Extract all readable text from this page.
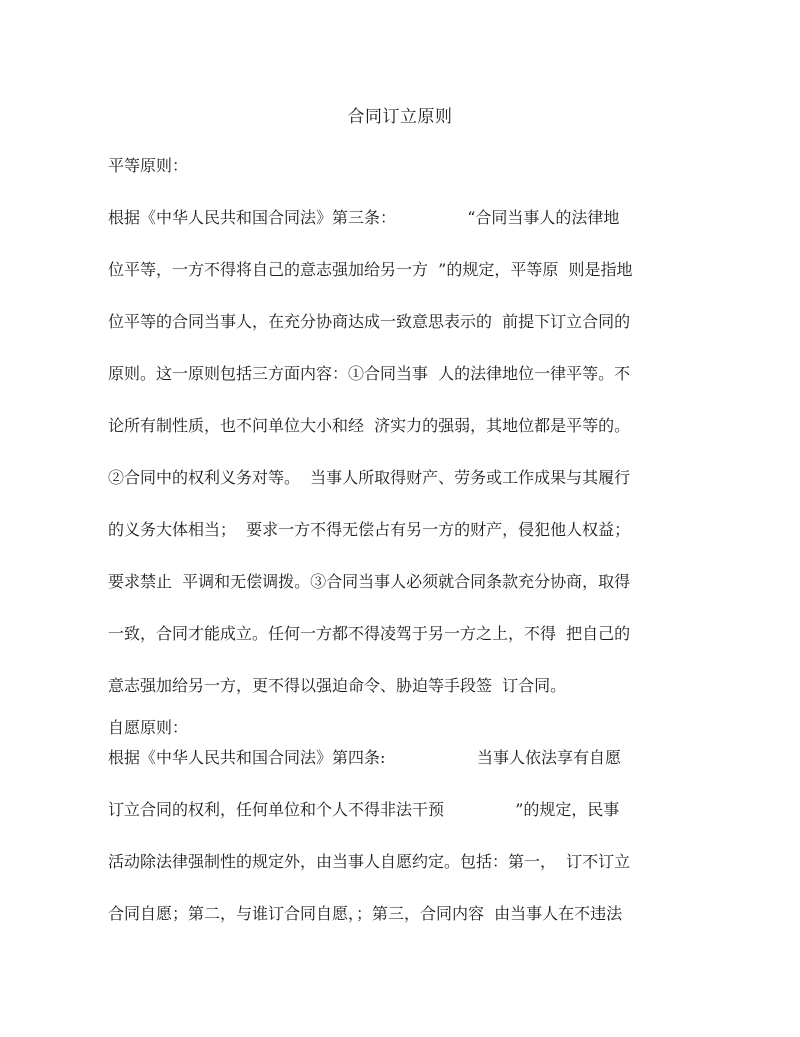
合同订立原则
平等原则：
根据《中华人民共和国合同法》第三条：              “合同当事人的法律地
位平等，一方不得将自己的意志强加给另一方  ”的规定，平等原  则是指地
位平等的合同当事人，在充分协商达成一致意思表示的  前提下订立合同的
原则。这一原则包括三方面内容：①合同当事  人的法律地位一律平等。不
论所有制性质，也不问单位大小和经  济实力的强弱，其地位都是平等的。
②合同中的权利义务对等。  当事人所取得财产、劳务或工作成果与其履行
的义务大体相当；  要求一方不得无偿占有另一方的财产，侵犯他人权益；
要求禁止  平调和无偿调拨。③合同当事人必须就合同条款充分协商，取得
一致，合同才能成立。任何一方都不得凌驾于另一方之上，不得  把自己的
意志强加给另一方，更不得以强迫命令、胁迫等手段签  订合同。
自愿原则：
根据《中华人民共和国合同法》第四条:                  当事人依法享有自愿
订立合同的权利，任何单位和个人不得非法干预              ”的规定，民事
活动除法律强制性的规定外，由当事人自愿约定。包括：第一，  订不订立
合同自愿；第二，与谁订合同自愿，；第三，合同内容  由当事人在不违法
